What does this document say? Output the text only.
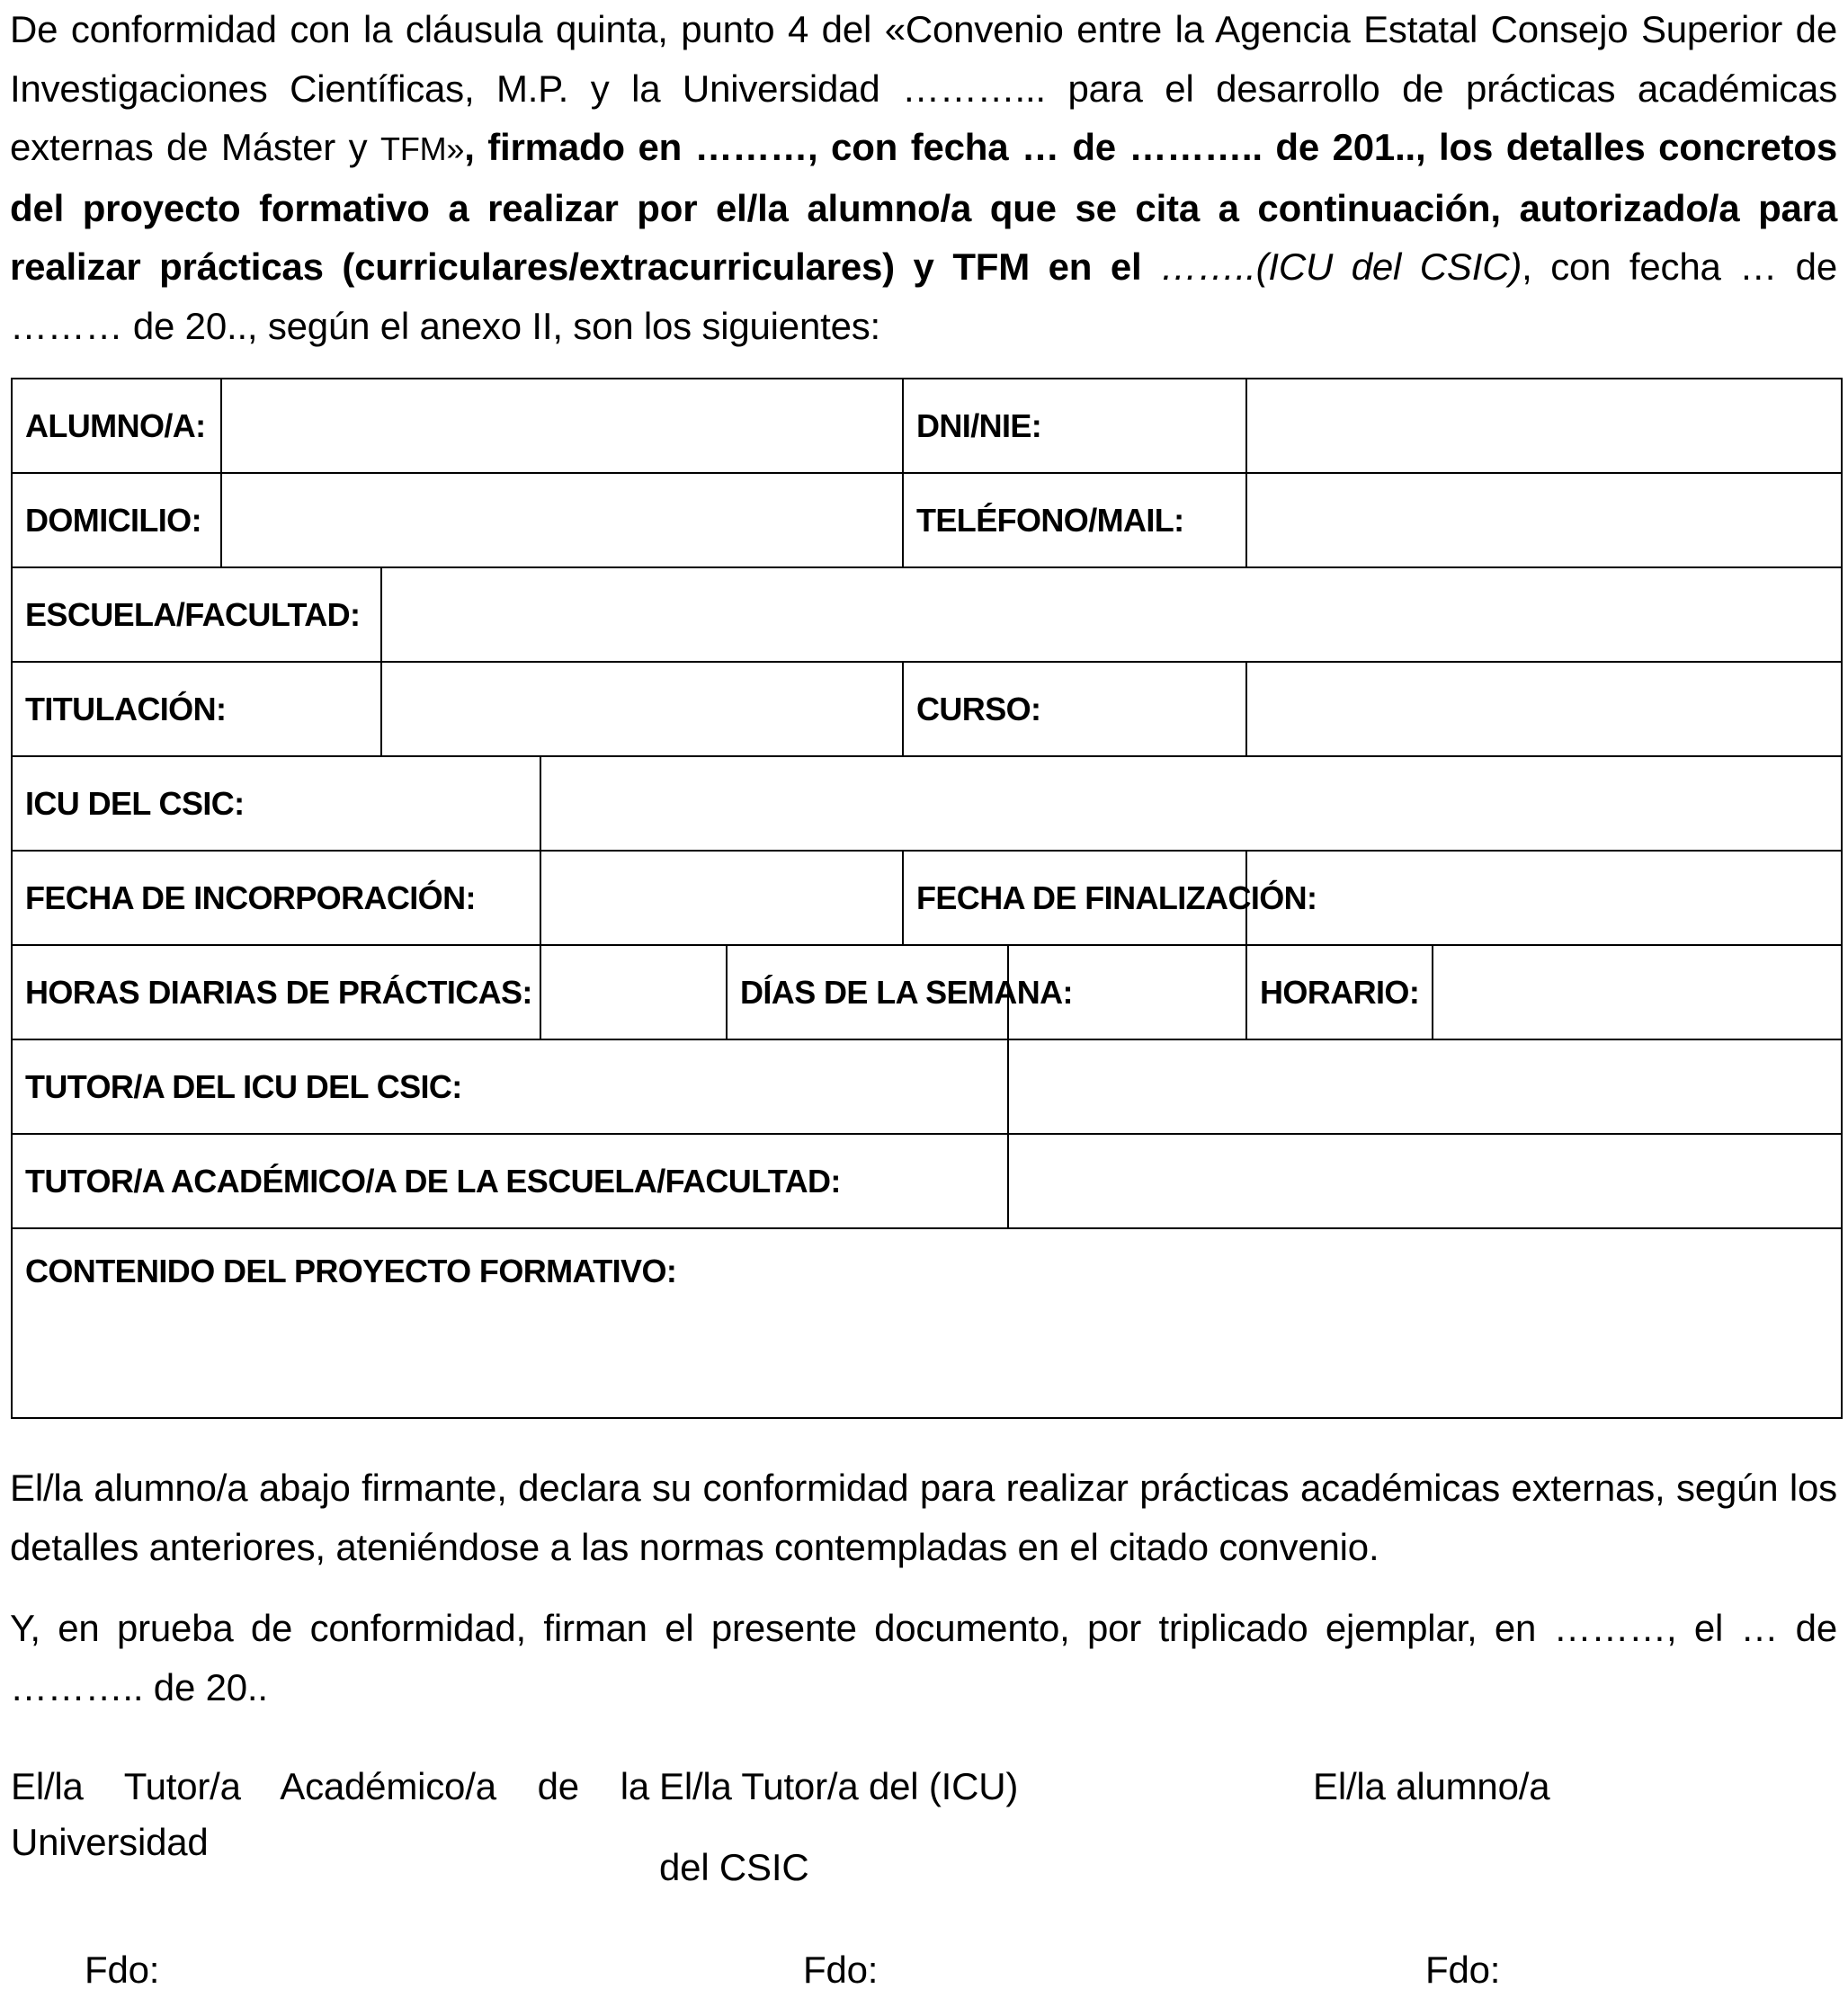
De conformidad con la cláusula quinta, punto 4 del «Convenio entre la Agencia Estatal Consejo Superior de Investigaciones Científicas, M.P. y la Universidad ………... para el desarrollo de prácticas académicas externas de Máster y TFM», firmado en ………, con fecha … de ……….. de 201.., los detalles concretos del proyecto formativo a realizar por el/la alumno/a que se cita a continuación, autorizado/a para realizar prácticas (curriculares/extracurriculares) y TFM en el ……..(ICU del CSIC), con fecha … de ……… de 20.., según el anexo II, son los siguientes:
ALUMNO/A:					DNI/NIE:			
DOMICILIO:					TELÉFONO/MAIL:			
ESCUELA/FACULTAD:								
TITULACIÓN:					CURSO:			
ICU DEL CSIC:								
FECHA DE INCORPORACIÓN:					FECHA DE FINALIZACIÓN:			
HORAS DIARIAS DE PRÁCTICAS:				DÍAS DE LA SEMANA:			HORARIO:	
TUTOR/A DEL ICU DEL CSIC:								
TUTOR/A ACADÉMICO/A DE LA ESCUELA/FACULTAD:								
CONTENIDO DEL PROYECTO FORMATIVO:								
El/la alumno/a abajo firmante, declara su conformidad para realizar prácticas académicas externas, según los detalles anteriores, ateniéndose a las normas contempladas en el citado convenio.
Y, en prueba de conformidad, firman el presente documento, por triplicado ejemplar, en ………, el … de ……….. de 20..
El/la Tutor/a Académico/a de la Universidad
El/la Tutor/a del (ICU)
del CSIC
El/la alumno/a
Fdo:	Fdo:	Fdo:
